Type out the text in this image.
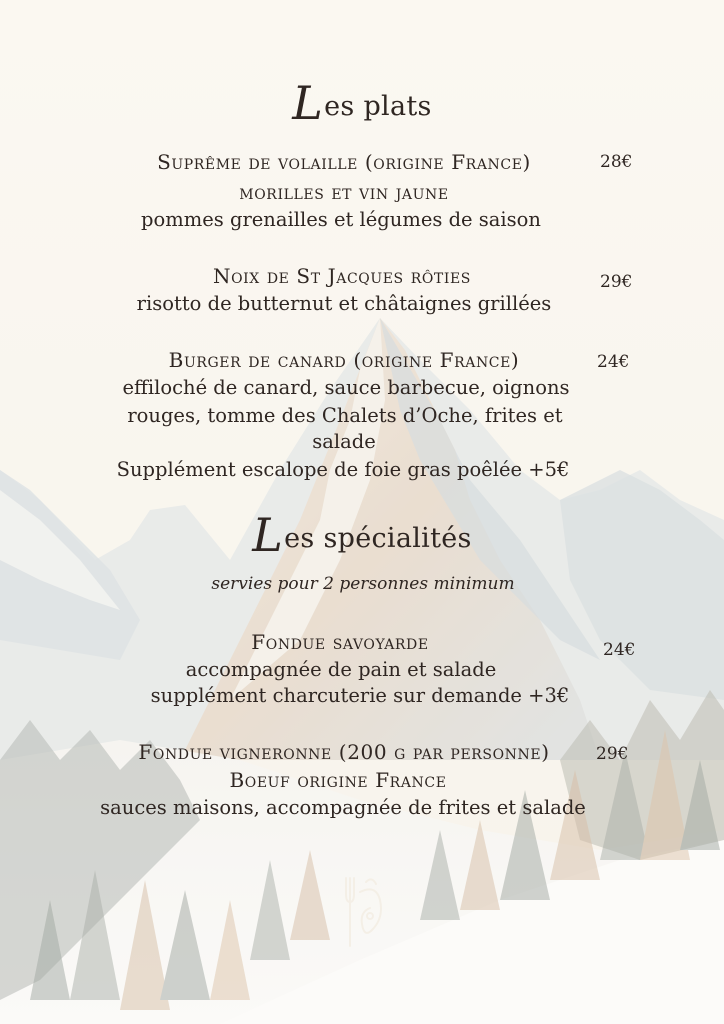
Les plats
Suprême de volaille (origine France)	28€
morilles et vin jaune
pommes grenailles et légumes de saison
Noix de St Jacques rôties	29€
risotto de butternut et châtaignes grillées
Burger de canard (origine France)	24€
effiloché de canard, sauce barbecue, oignons
rouges, tomme des Chalets d’Oche, frites et
salade
Supplément escalope de foie gras poêlée +5€
Les spécialités
servies pour 2 personnes minimum
Fondue savoyarde	24€
accompagnée de pain et salade
supplément charcuterie sur demande +3€
Fondue vigneronne (200 g par personne)	29€
Boeuf origine France
sauces maisons, accompagnée de frites et salade
